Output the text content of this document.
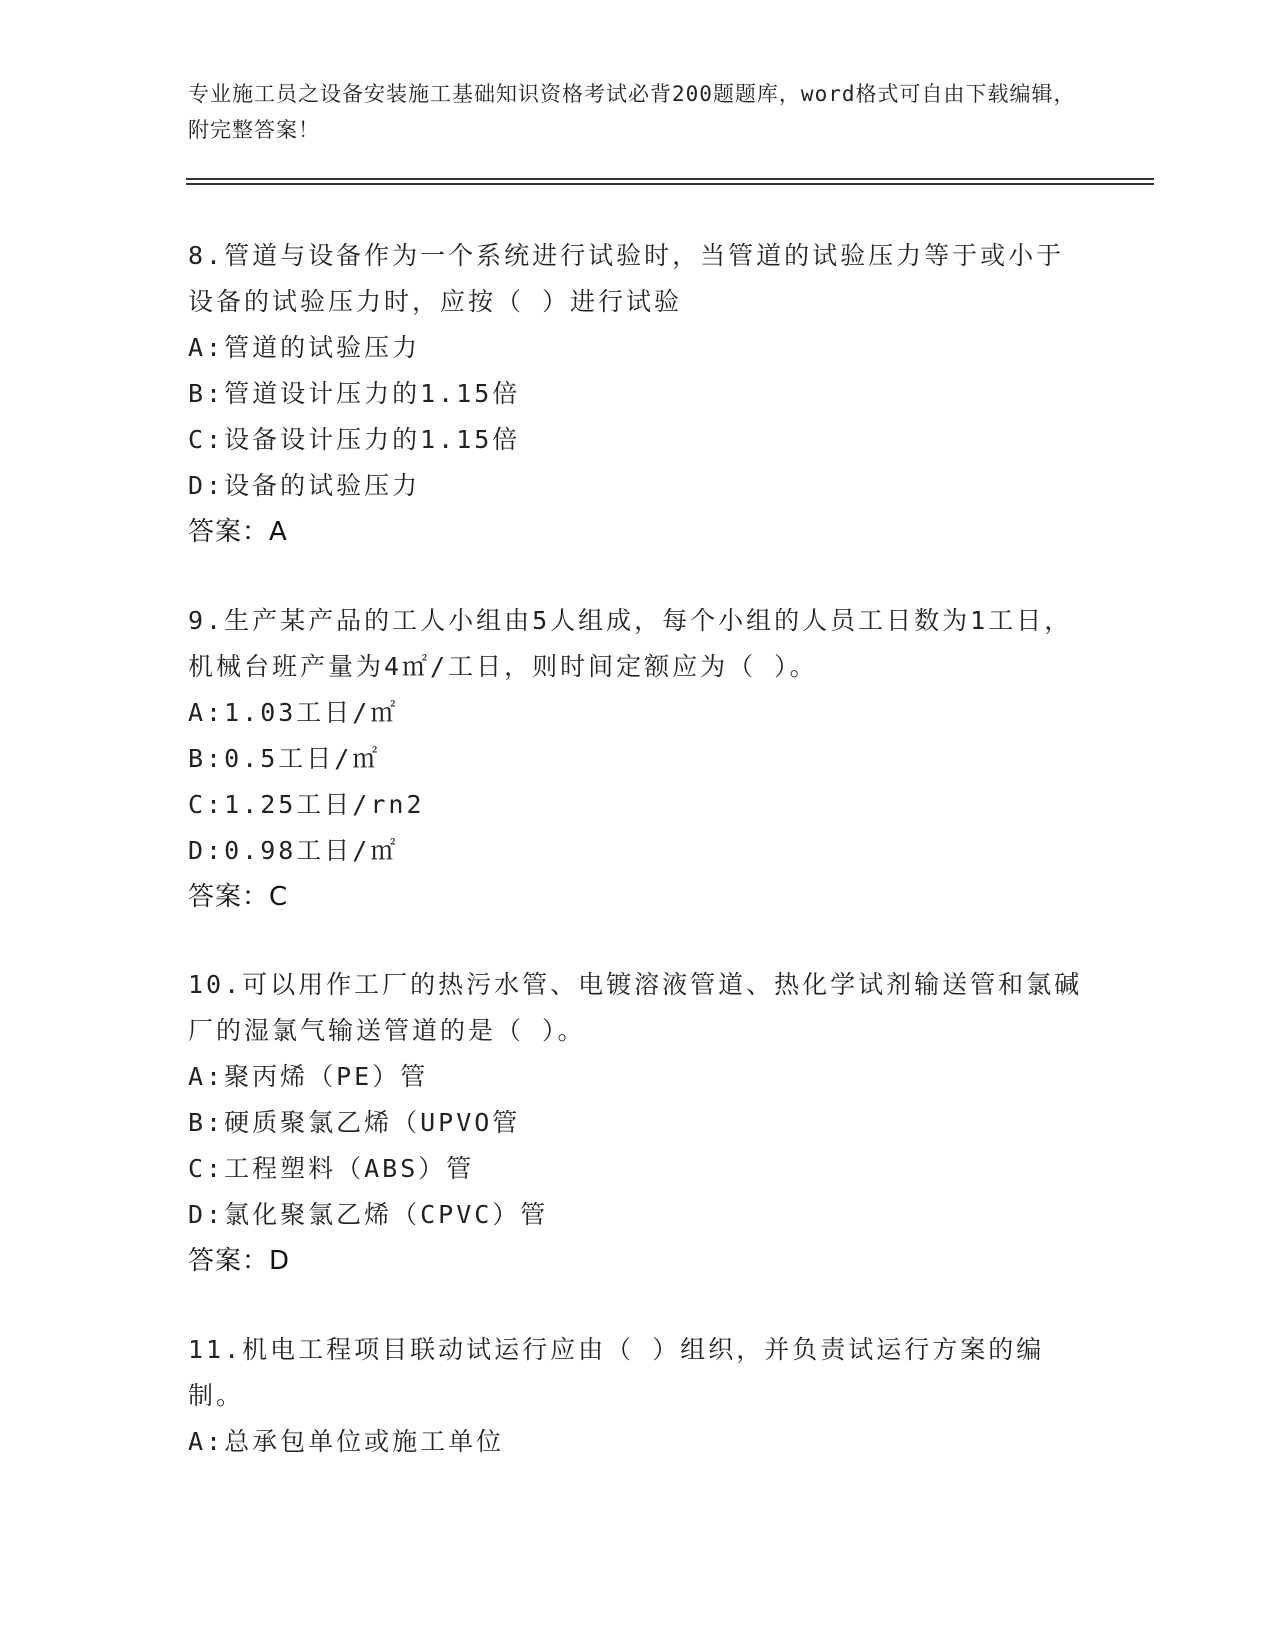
专业施工员之设备安装施工基础知识资格考试必背200题题库，word格式可自由下载编辑，附完整答案！

8.管道与设备作为一个系统进行试验时，当管道的试验压力等于或小于设备的试验压力时，应按（ ）进行试验

A:管道的试验压力

B:管道设计压力的1.15倍

C:设备设计压力的1.15倍

D:设备的试验压力

答案：A

9.生产某产品的工人小组由5人组成，每个小组的人员工日数为1工日，机械台班产量为4㎡/工日，则时间定额应为（ ）。

A:1.03工日/㎡

B:0.5工日/㎡

C:1.25工日/rn2

D:0.98工日/㎡

答案：C

10.可以用作工厂的热污水管、电镀溶液管道、热化学试剂输送管和氯碱厂的湿氯气输送管道的是（ ）。

A:聚丙烯（PE）管

B:硬质聚氯乙烯（UPVO管

C:工程塑料（ABS）管

D:氯化聚氯乙烯（CPVC）管

答案：D

11.机电工程项目联动试运行应由（ ）组织，并负责试运行方案的编制。

A:总承包单位或施工单位
